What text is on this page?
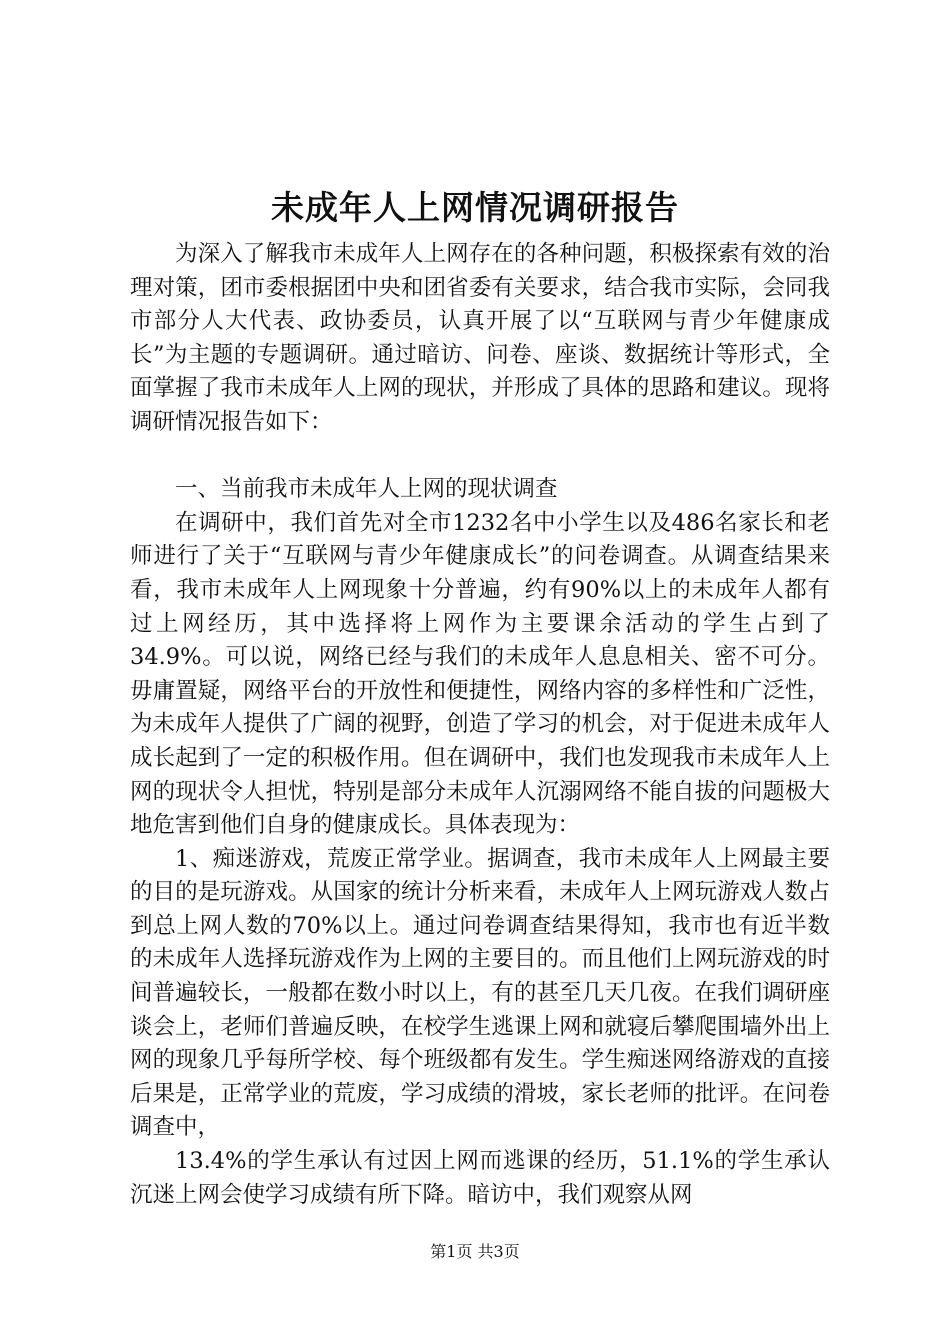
未成年人上网情况调研报告

为深入了解我市未成年人上网存在的各种问题，积极探索有效的治理对策，团市委根据团中央和团省委有关要求，结合我市实际，会同我市部分人大代表、政协委员，认真开展了以“互联网与青少年健康成长”为主题的专题调研。通过暗访、问卷、座谈、数据统计等形式，全面掌握了我市未成年人上网的现状，并形成了具体的思路和建议。现将调研情况报告如下：

一、当前我市未成年人上网的现状调查

在调研中，我们首先对全市1232名中小学生以及486名家长和老师进行了关于“互联网与青少年健康成长”的问卷调查。从调查结果来看，我市未成年人上网现象十分普遍，约有90%以上的未成年人都有过上网经历，其中选择将上网作为主要课余活动的学生占到了34.9%。可以说，网络已经与我们的未成年人息息相关、密不可分。毋庸置疑，网络平台的开放性和便捷性，网络内容的多样性和广泛性，为未成年人提供了广阔的视野，创造了学习的机会，对于促进未成年人成长起到了一定的积极作用。但在调研中，我们也发现我市未成年人上网的现状令人担忧，特别是部分未成年人沉溺网络不能自拔的问题极大地危害到他们自身的健康成长。具体表现为：

1、痴迷游戏，荒废正常学业。据调查，我市未成年人上网最主要的目的是玩游戏。从国家的统计分析来看，未成年人上网玩游戏人数占到总上网人数的70%以上。通过问卷调查结果得知，我市也有近半数的未成年人选择玩游戏作为上网的主要目的。而且他们上网玩游戏的时间普遍较长，一般都在数小时以上，有的甚至几天几夜。在我们调研座谈会上，老师们普遍反映，在校学生逃课上网和就寝后攀爬围墙外出上网的现象几乎每所学校、每个班级都有发生。学生痴迷网络游戏的直接后果是，正常学业的荒废，学习成绩的滑坡，家长老师的批评。在问卷调查中，

13.4%的学生承认有过因上网而逃课的经历，51.1%的学生承认沉迷上网会使学习成绩有所下降。暗访中，我们观察从网

第1页 共3页
